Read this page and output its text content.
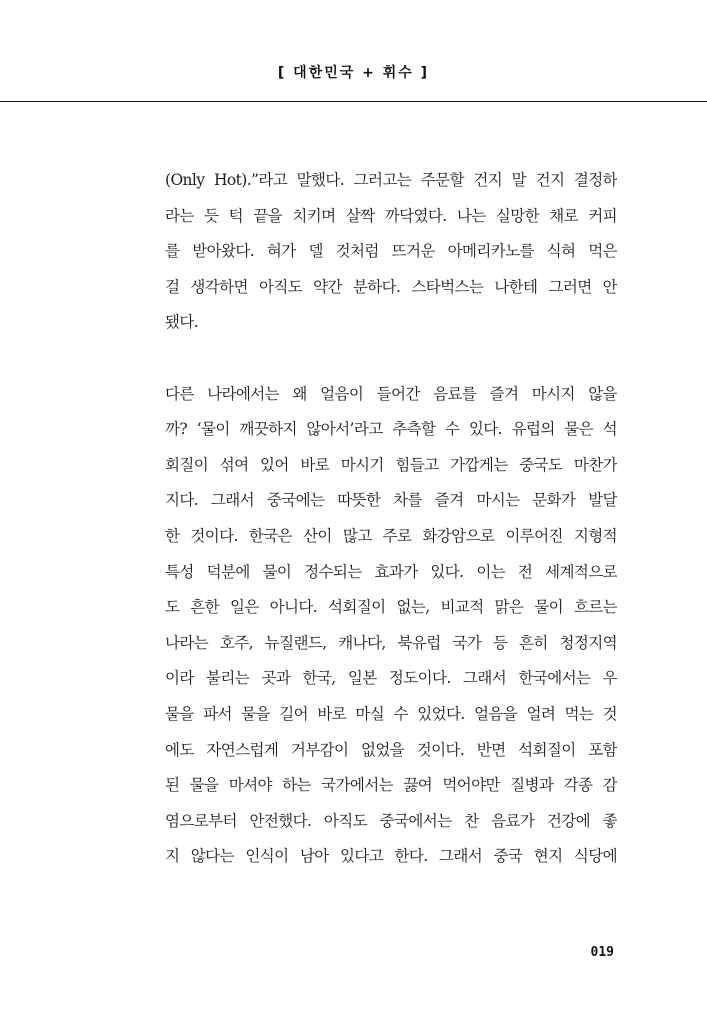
[ 대한민국 + 휘수 ]
(Only Hot).”라고 말했다. 그러고는 주문할 건지 말 건지 결정하
라는 듯 턱 끝을 치키며 살짝 까닥였다. 나는 실망한 채로 커피
를 받아왔다. 혀가 델 것처럼 뜨거운 아메리카노를 식혀 먹은
걸 생각하면 아직도 약간 분하다. 스타벅스는 나한테 그러면 안
됐다.
다른 나라에서는 왜 얼음이 들어간 음료를 즐겨 마시지 않을
까? ‘물이 깨끗하지 않아서’라고 추측할 수 있다. 유럽의 물은 석
회질이 섞여 있어 바로 마시기 힘들고 가깝게는 중국도 마찬가
지다. 그래서 중국에는 따뜻한 차를 즐겨 마시는 문화가 발달
한 것이다. 한국은 산이 많고 주로 화강암으로 이루어진 지형적
특성 덕분에 물이 정수되는 효과가 있다. 이는 전 세계적으로
도 흔한 일은 아니다. 석회질이 없는, 비교적 맑은 물이 흐르는
나라는 호주, 뉴질랜드, 캐나다, 북유럽 국가 등 흔히 청정지역
이라 불리는 곳과 한국, 일본 정도이다. 그래서 한국에서는 우
물을 파서 물을 길어 바로 마실 수 있었다. 얼음을 얼려 먹는 것
에도 자연스럽게 거부감이 없었을 것이다. 반면 석회질이 포함
된 물을 마셔야 하는 국가에서는 끓여 먹어야만 질병과 각종 감
염으로부터 안전했다. 아직도 중국에서는 찬 음료가 건강에 좋
지 않다는 인식이 남아 있다고 한다. 그래서 중국 현지 식당에
019
